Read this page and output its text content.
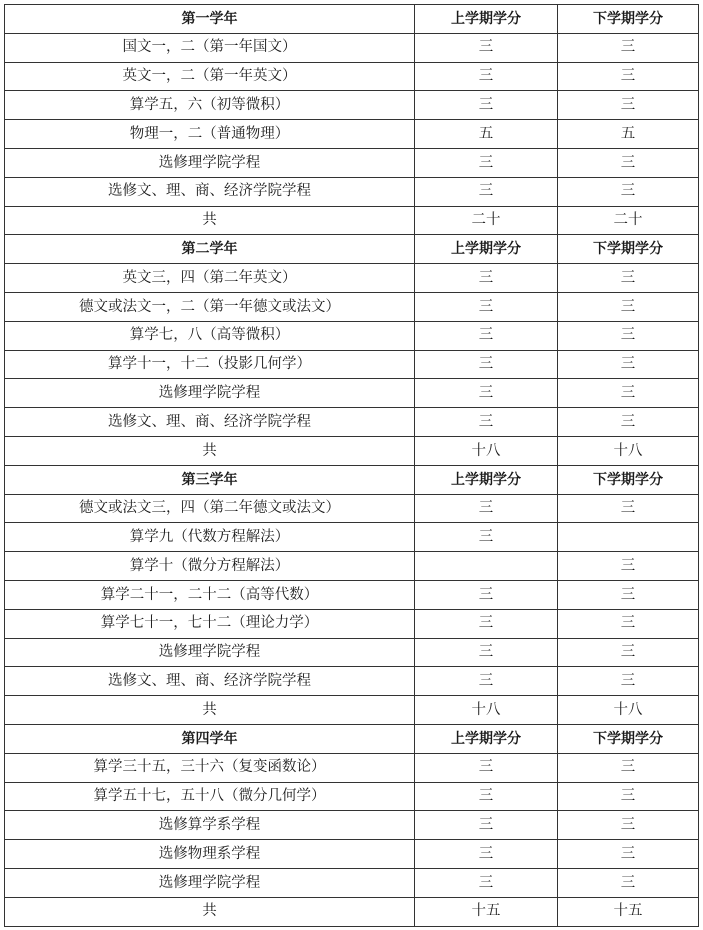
第一学年	上学期学分	下学期学分
国文一，二（第一年国文）	三	三
英文一，二（第一年英文）	三	三
算学五，六（初等微积）	三	三
物理一，二（普通物理）	五	五
选修理学院学程	三	三
选修文、理、商、经济学院学程	三	三
共	二十	二十
第二学年	上学期学分	下学期学分
英文三，四（第二年英文）	三	三
德文或法文一，二（第一年德文或法文）	三	三
算学七，八（高等微积）	三	三
算学十一，十二（投影几何学）	三	三
选修理学院学程	三	三
选修文、理、商、经济学院学程	三	三
共	十八	十八
第三学年	上学期学分	下学期学分
德文或法文三，四（第二年德文或法文）	三	三
算学九（代数方程解法）	三	
算学十（微分方程解法）		三
算学二十一，二十二（高等代数）	三	三
算学七十一，七十二（理论力学）	三	三
选修理学院学程	三	三
选修文、理、商、经济学院学程	三	三
共	十八	十八
第四学年	上学期学分	下学期学分
算学三十五，三十六（复变函数论）	三	三
算学五十七，五十八（微分几何学）	三	三
选修算学系学程	三	三
选修物理系学程	三	三
选修理学院学程	三	三
共	十五	十五
